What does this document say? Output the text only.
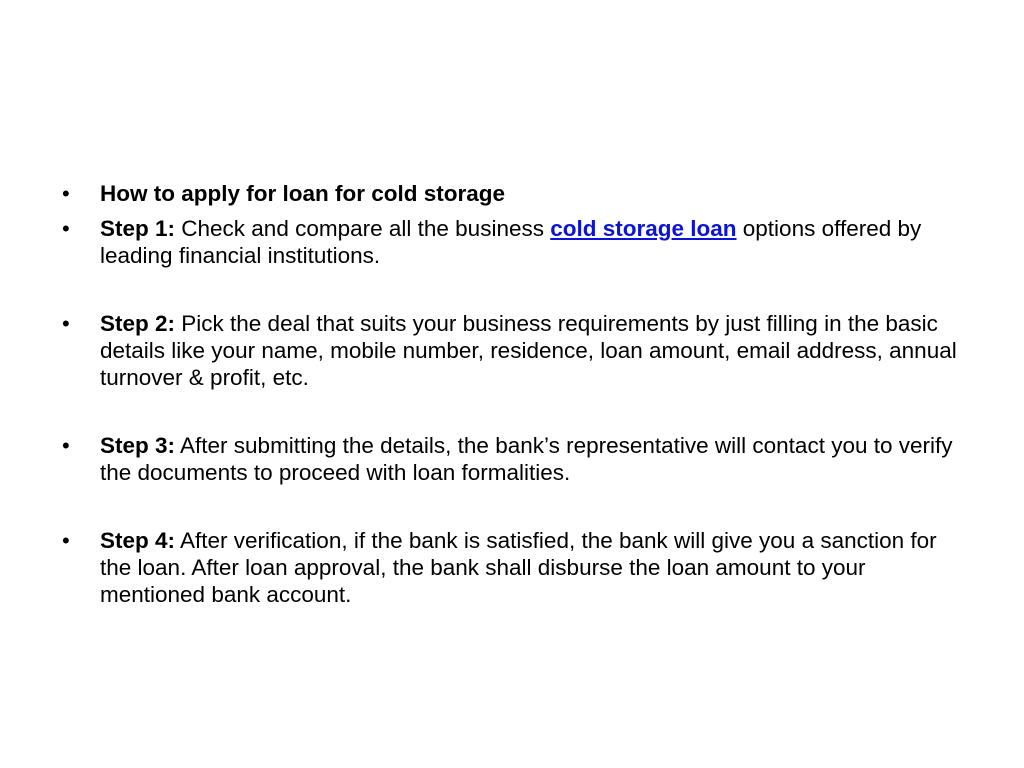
• How to apply for loan for cold storage
• Step 1: Check and compare all the business cold storage loan options offered by leading financial institutions.
• Step 2: Pick the deal that suits your business requirements by just filling in the basic details like your name, mobile number, residence, loan amount, email address, annual turnover & profit, etc.
• Step 3: After submitting the details, the bank’s representative will contact you to verify the documents to proceed with loan formalities.
• Step 4: After verification, if the bank is satisfied, the bank will give you a sanction for the loan. After loan approval, the bank shall disburse the loan amount to your mentioned bank account.
